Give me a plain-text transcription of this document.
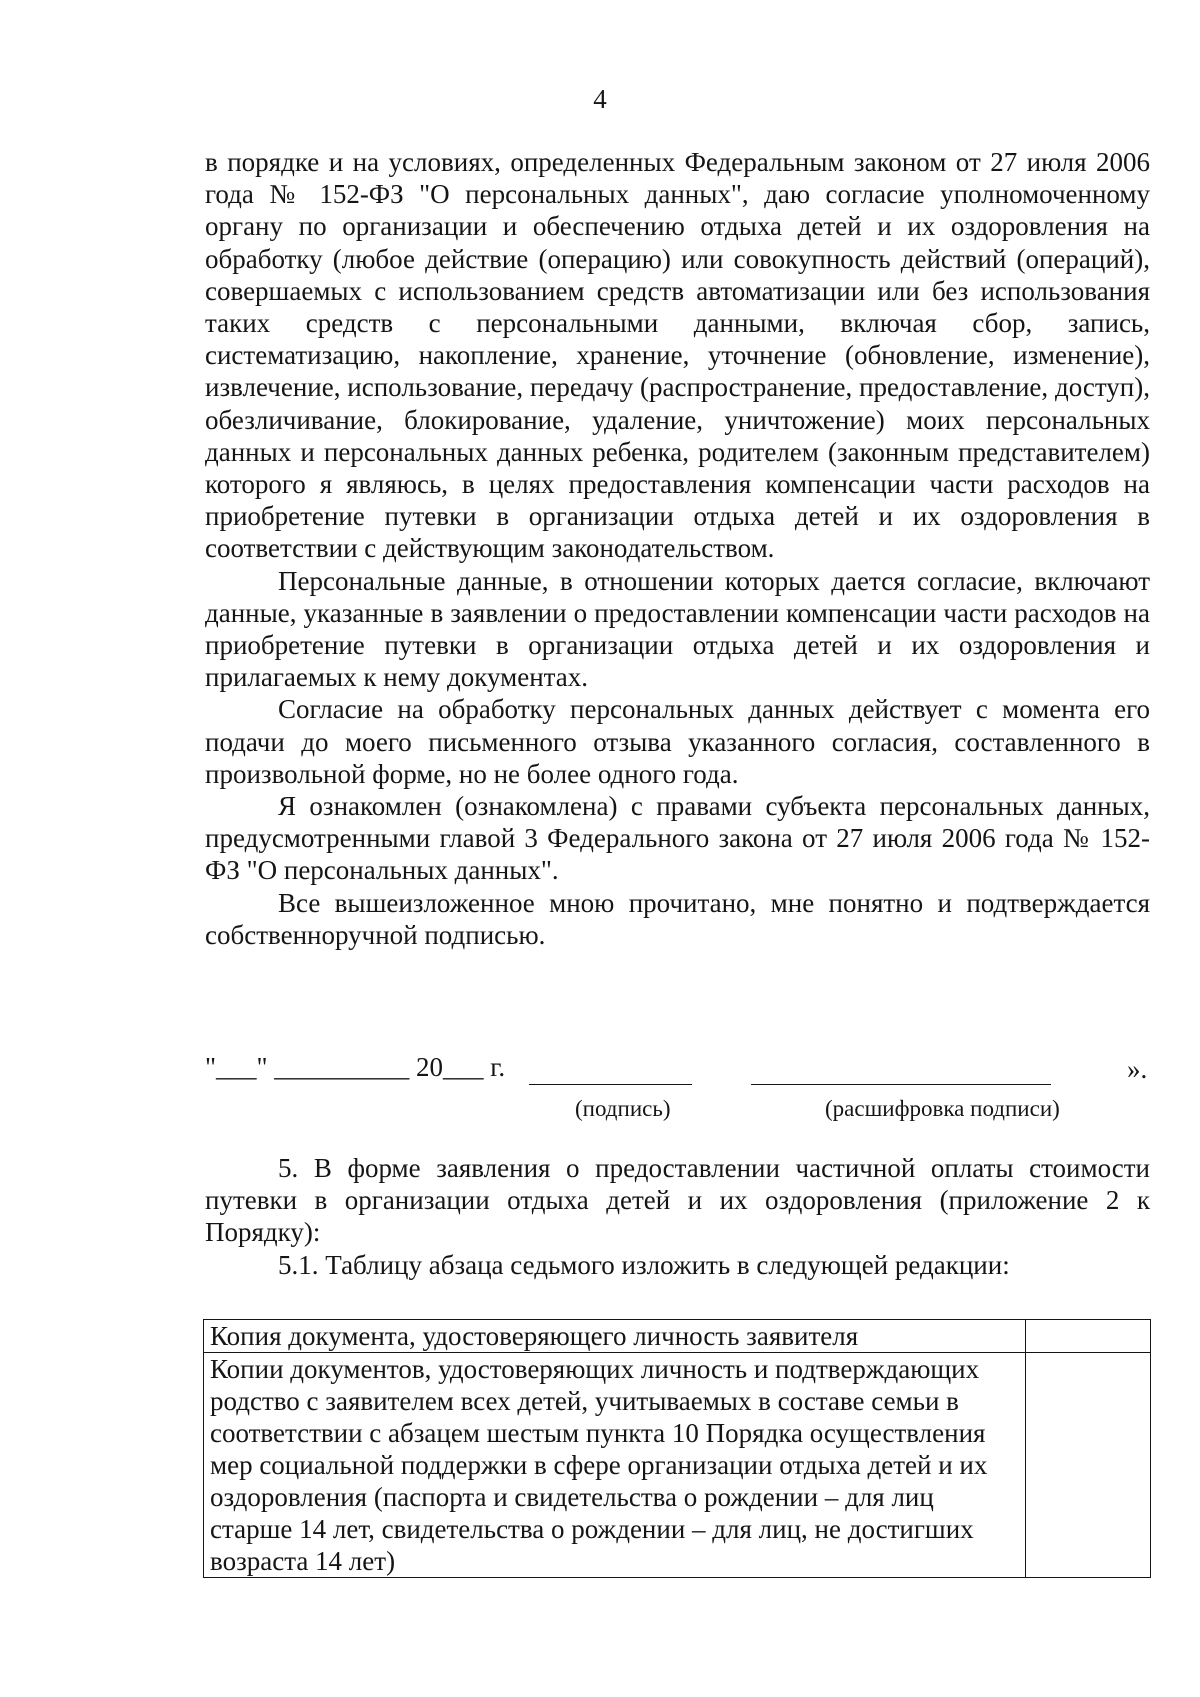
4

в порядке и на условиях, определенных Федеральным законом от 27 июля 2006 года № 152-ФЗ "О персональных данных", даю согласие уполномоченному органу по организации и обеспечению отдыха детей и их оздоровления на обработку (любое действие (операцию) или совокупность действий (операций), совершаемых с использованием средств автоматизации или без использования таких средств с персональными данными, включая сбор, запись, систематизацию, накопление, хранение, уточнение (обновление, изменение), извлечение, использование, передачу (распространение, предоставление, доступ), обезличивание, блокирование, удаление, уничтожение) моих персональных данных и персональных данных ребенка, родителем (законным представителем) которого я являюсь, в целях предоставления компенсации части расходов на приобретение путевки в организации отдыха детей и их оздоровления в соответствии с действующим законодательством.

Персональные данные, в отношении которых дается согласие, включают данные, указанные в заявлении о предоставлении компенсации части расходов на приобретение путевки в организации отдыха детей и их оздоровления и прилагаемых к нему документах.

Согласие на обработку персональных данных действует с момента его подачи до моего письменного отзыва указанного согласия, составленного в произвольной форме, но не более одного года.

Я ознакомлен (ознакомлена) с правами субъекта персональных данных, предусмотренными главой 3 Федерального закона от 27 июля 2006 года № 152-ФЗ "О персональных данных".

Все вышеизложенное мною прочитано, мне понятно и подтверждается собственноручной подписью.

"___" __________ 20___ г.	».
(подпись)	(расшифровка подписи)

5. В форме заявления о предоставлении частичной оплаты стоимости путевки в организации отдыха детей и их оздоровления (приложение 2 к Порядку):

5.1. Таблицу абзаца седьмого изложить в следующей редакции:

Копия документа, удостоверяющего личность заявителя	
Копии документов, удостоверяющих личность и подтверждающих родство с заявителем всех детей, учитываемых в составе семьи в соответствии с абзацем шестым пункта 10 Порядка осуществления мер социальной поддержки в сфере организации отдыха детей и их оздоровления (паспорта и свидетельства о рождении – для лиц старше 14 лет, свидетельства о рождении – для лиц, не достигших возраста 14 лет)	
